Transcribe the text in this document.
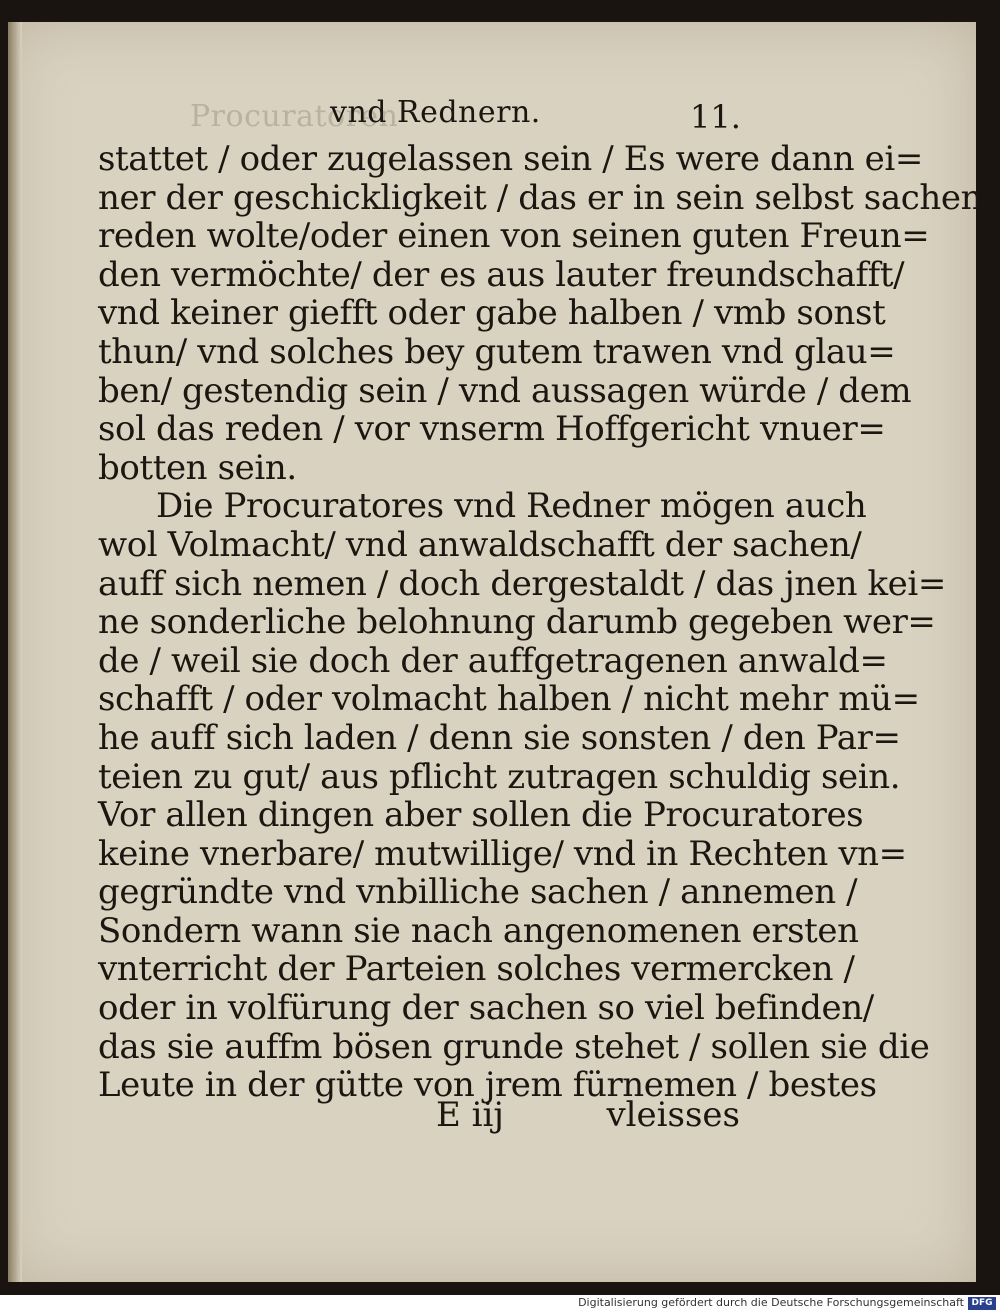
Procuratoren
vnd Rednern.	11.
stattet / oder zugelassen sein / Es were dann ei=
ner der geschickligkeit / das er in sein selbst sachen
reden wolte/oder einen von seinen guten Freun=
den vermöchte/ der es aus lauter freundschafft/
vnd keiner giefft oder gabe halben / vmb sonst
thun/ vnd solches bey gutem trawen vnd glau=
ben/ gestendig sein / vnd aussagen würde / dem
sol das reden / vor vnserm Hoffgericht vnuer=
botten sein.
Die Procuratores vnd Redner mögen auch
wol Volmacht/ vnd anwaldschafft der sachen/
auff sich nemen / doch dergestaldt / das jnen kei=
ne sonderliche belohnung darumb gegeben wer=
de / weil sie doch der auffgetragenen anwald=
schafft / oder volmacht halben / nicht mehr mü=
he auff sich laden / denn sie sonsten / den Par=
teien zu gut/ aus pflicht zutragen schuldig sein.
Vor allen dingen aber sollen die Procuratores
keine vnerbare/ mutwillige/ vnd in Rechten vn=
gegründte vnd vnbilliche sachen / annemen /
Sondern wann sie nach angenomenen ersten
vnterricht der Parteien solches vermercken /
oder in volfürung der sachen so viel befinden/
das sie auffm bösen grunde stehet / sollen sie die
Leute in der gütte von jrem fürnemen / bestes
E iij	vleisses
Digitalisierung gefördert durch die Deutsche Forschungsgemeinschaft DFG
